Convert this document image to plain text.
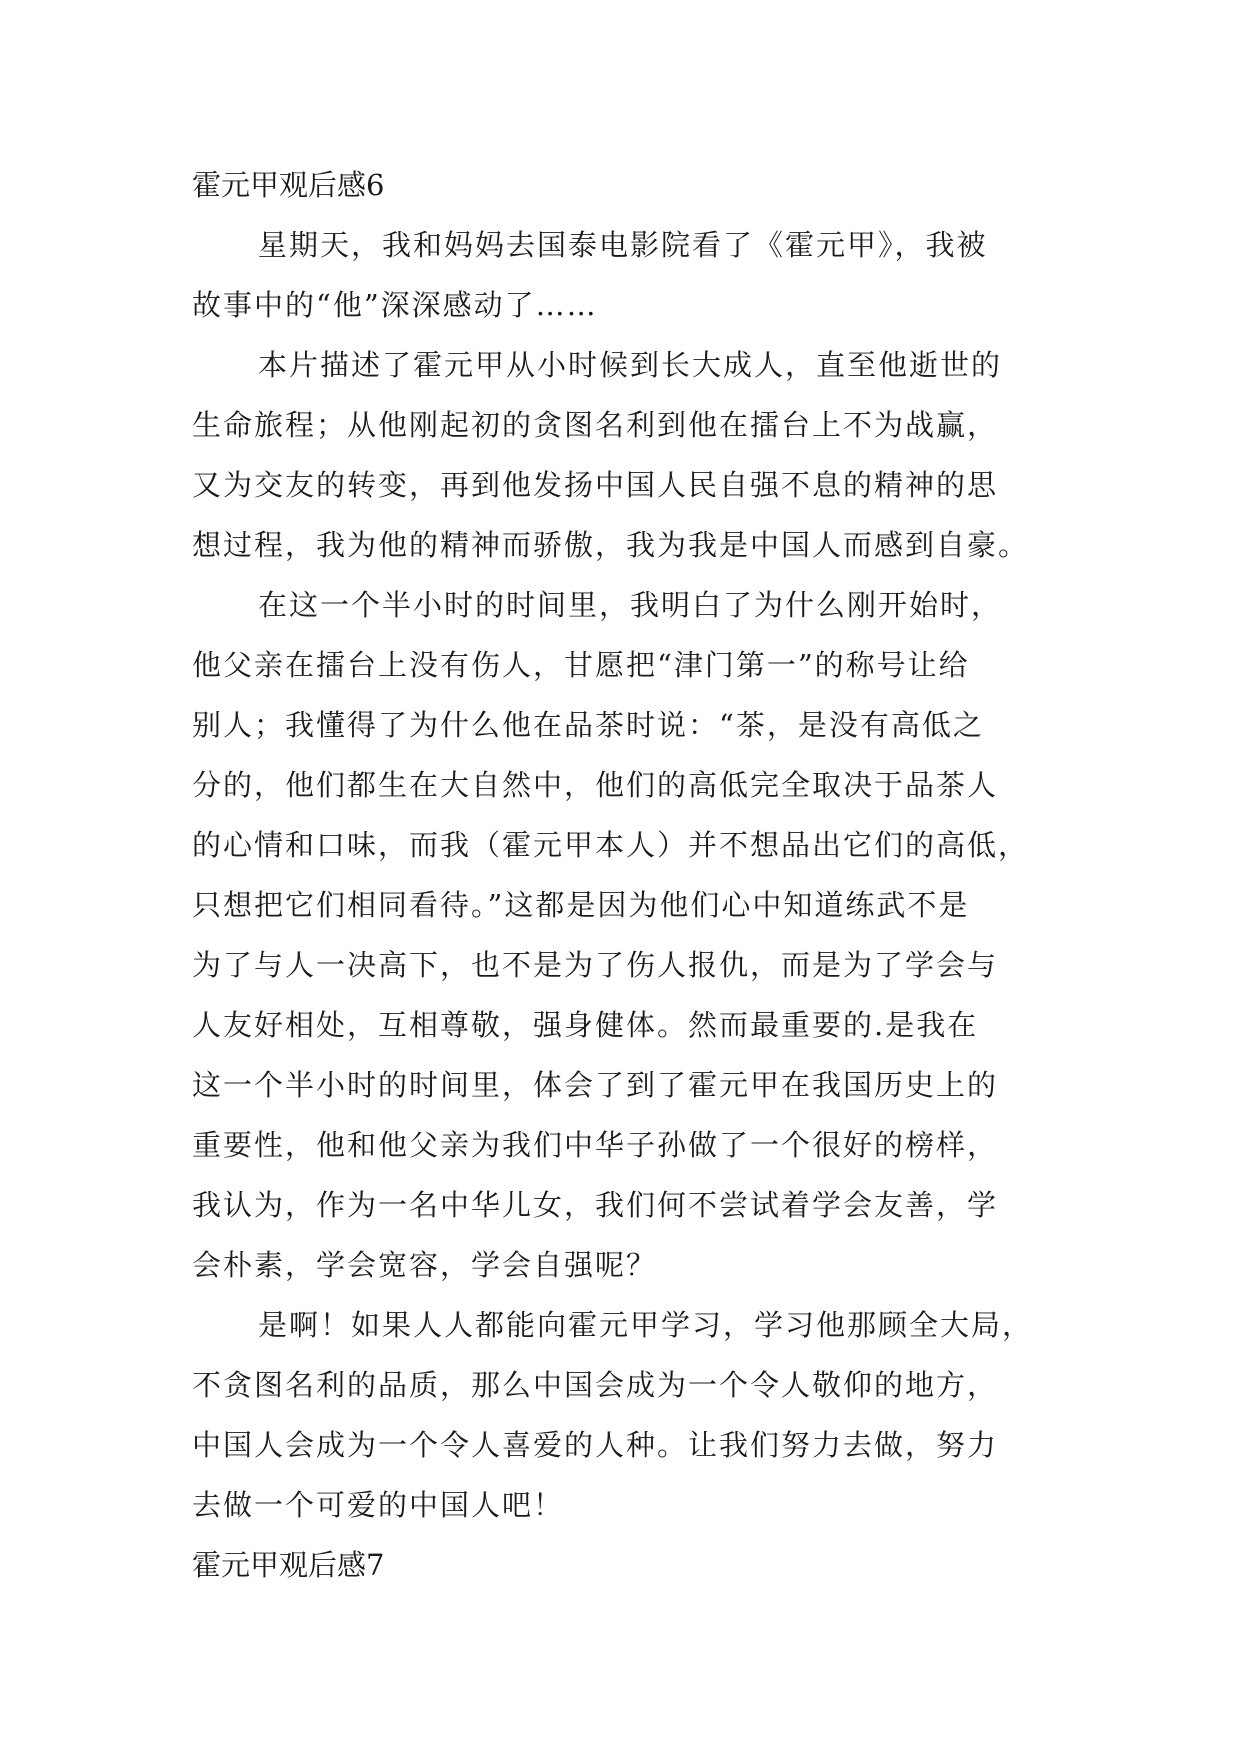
霍元甲观后感6

星期天，我和妈妈去国泰电影院看了《霍元甲》，我被
故事中的“他”深深感动了……

本片描述了霍元甲从小时候到长大成人，直至他逝世的
生命旅程；从他刚起初的贪图名利到他在擂台上不为战赢，
又为交友的转变，再到他发扬中国人民自强不息的精神的思
想过程，我为他的精神而骄傲，我为我是中国人而感到自豪。

在这一个半小时的时间里，我明白了为什么刚开始时，
他父亲在擂台上没有伤人，甘愿把“津门第一”的称号让给
别人；我懂得了为什么他在品茶时说：“茶，是没有高低之
分的，他们都生在大自然中，他们的高低完全取决于品茶人
的心情和口味，而我（霍元甲本人）并不想品出它们的高低，
只想把它们相同看待。”这都是因为他们心中知道练武不是
为了与人一决高下，也不是为了伤人报仇，而是为了学会与
人友好相处，互相尊敬，强身健体。然而最重要的.是我在
这一个半小时的时间里，体会了到了霍元甲在我国历史上的
重要性，他和他父亲为我们中华子孙做了一个很好的榜样，
我认为，作为一名中华儿女，我们何不尝试着学会友善，学
会朴素，学会宽容，学会自强呢？

是啊！如果人人都能向霍元甲学习，学习他那顾全大局，
不贪图名利的品质，那么中国会成为一个令人敬仰的地方，
中国人会成为一个令人喜爱的人种。让我们努力去做，努力
去做一个可爱的中国人吧！

霍元甲观后感7
